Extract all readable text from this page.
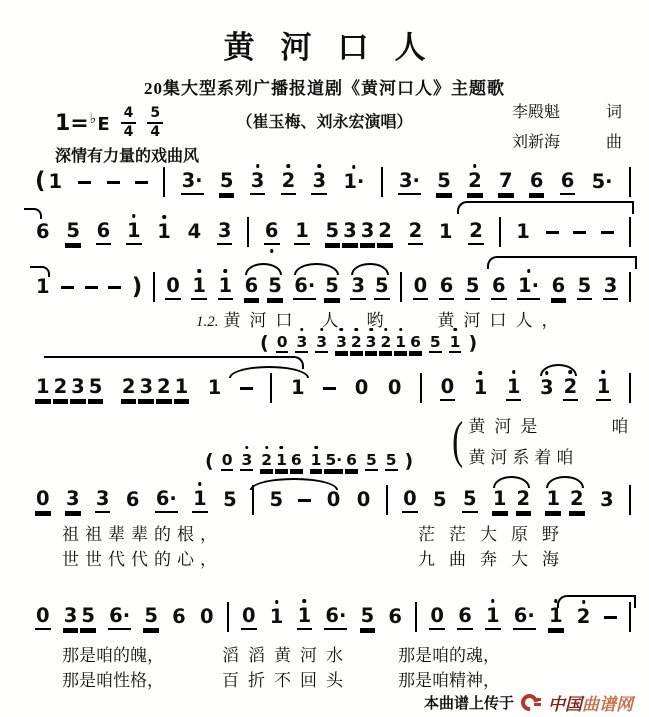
黄河口人
20集大型系列广播报道剧《黄河口人》主题歌
1=♭E $\frac{4}{4} \frac{5}{4}$	（崔玉梅、刘永宏演唱）
李殿魁	词
刘新海	曲
深情有力量的戏曲风
( 1	3· 5 3 2 3 1· 3· 5 2 7 6 6 5·
6 5 6 1 1 4 3 6 1 5 3 3 2 2 1 2 1
1	) 0 1 1 6 5 6· 5 3 5 0 6 5 6 1· 6 5 3
( 0 3 3 3 2 3 2 1 6 5 1 )
1 2 3 5 2 3 2 1 1	1	0 0 0 1 1 3 2 1
( 0 3 2 1 6 1 5· 6 5 5 )
0 3 3 6 6· 1 5 5 0 0 0 5 5 1 2 1 2 3
0 3 5 6· 5 6 0 0 1 1 6· 5 6 0 6 1 6· 1 2
1.2. 黄河口 人 哟	黄河口人，
( 黄河是	咱
黄河系着咱
祖祖辈辈的根，	茫茫大原野
世世代代的心，	九曲奔大海
那是咱的魄，	滔滔黄河水	那是咱的魂，
那是咱性格，	百折不回头	那是咱精神，
本曲谱上传于 中国曲谱网
